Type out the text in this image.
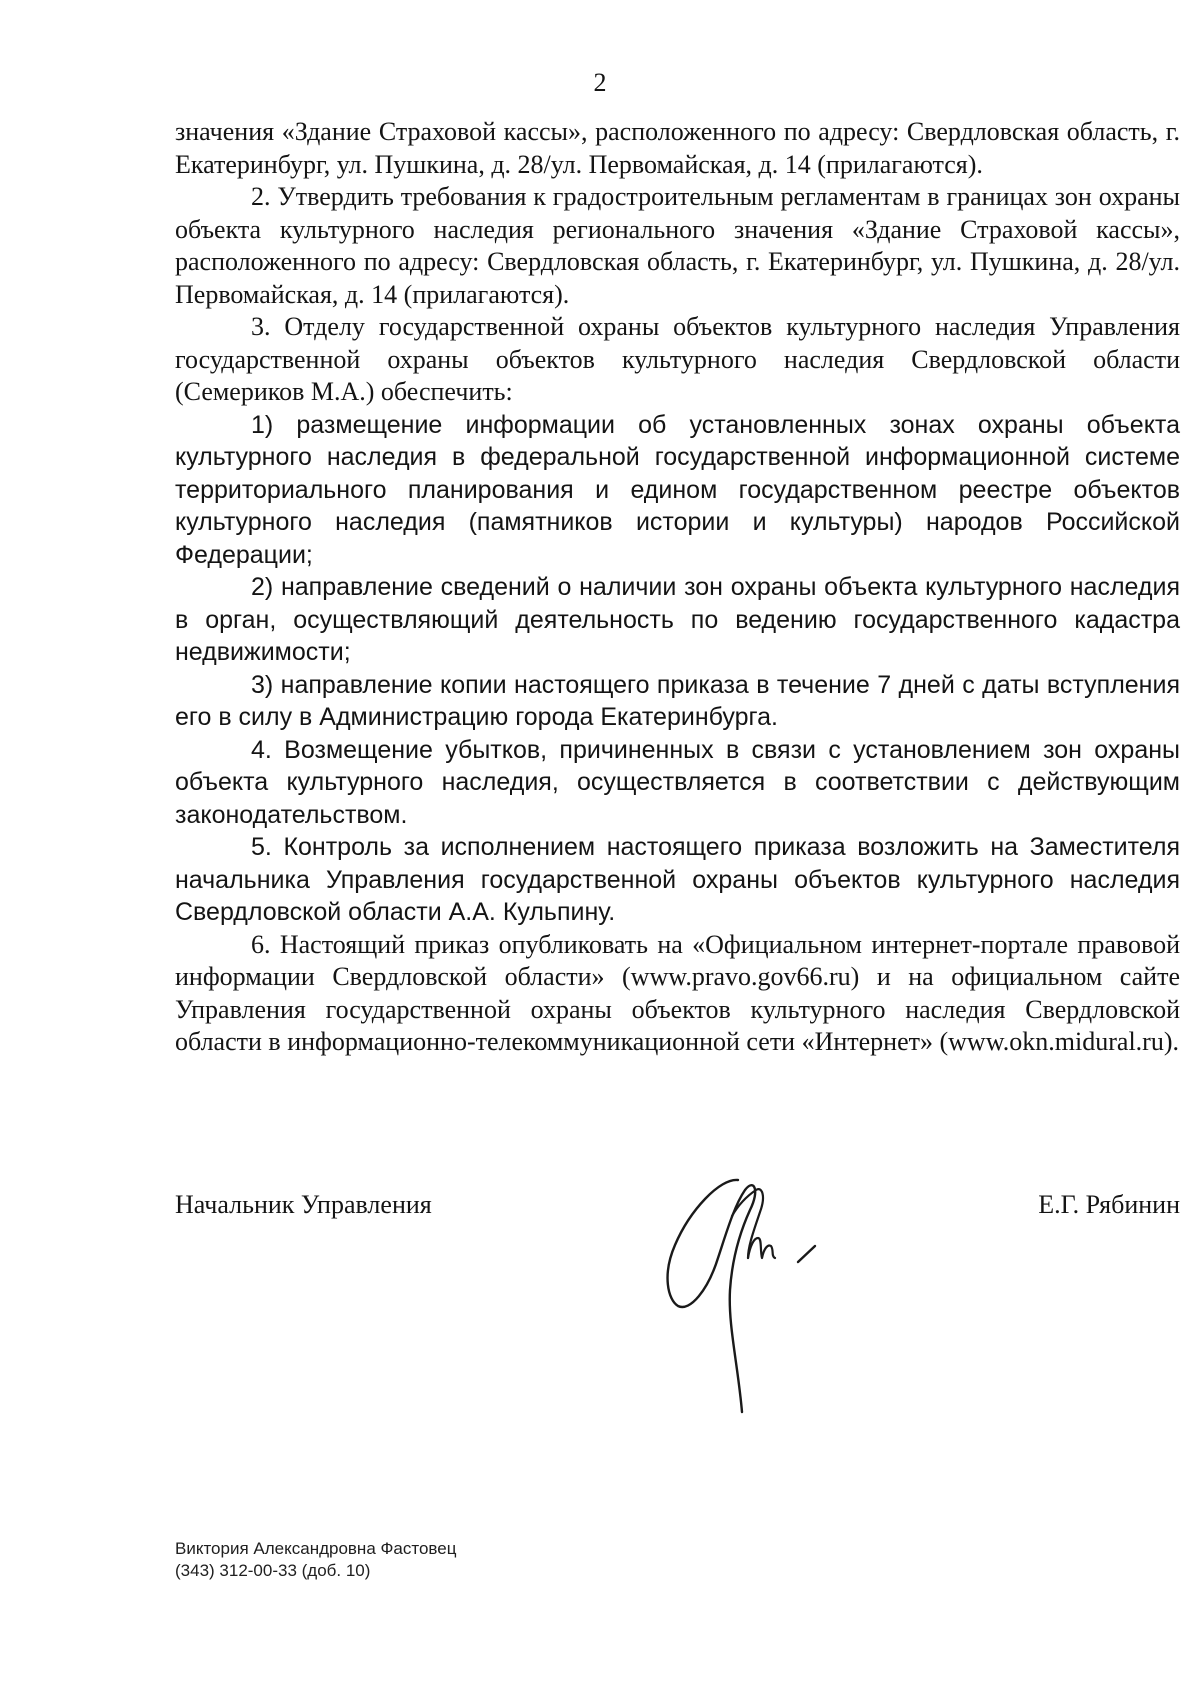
2

значения «Здание Страховой кассы», расположенного по адресу: Свердловская область, г. Екатеринбург, ул. Пушкина, д. 28/ул. Первомайская, д. 14 (прилагаются).

2. Утвердить требования к градостроительным регламентам в границах зон охраны объекта культурного наследия регионального значения «Здание Страховой кассы», расположенного по адресу: Свердловская область, г. Екатеринбург, ул. Пушкина, д. 28/ул. Первомайская, д. 14 (прилагаются).

3. Отделу государственной охраны объектов культурного наследия Управления государственной охраны объектов культурного наследия Свердловской области (Семериков М.А.) обеспечить:

1) размещение информации об установленных зонах охраны объекта культурного наследия в федеральной государственной информационной системе территориального планирования и едином государственном реестре объектов культурного наследия (памятников истории и культуры) народов Российской Федерации;

2) направление сведений о наличии зон охраны объекта культурного наследия в орган, осуществляющий деятельность по ведению государственного кадастра недвижимости;

3) направление копии настоящего приказа в течение 7 дней с даты вступления его в силу в Администрацию города Екатеринбурга.

4. Возмещение убытков, причиненных в связи с установлением зон охраны объекта культурного наследия, осуществляется в соответствии с действующим законодательством.

5. Контроль за исполнением настоящего приказа возложить на Заместителя начальника Управления государственной охраны объектов культурного наследия Свердловской области А.А. Кульпину.

6. Настоящий приказ опубликовать на «Официальном интернет-портале правовой информации Свердловской области» (www.pravo.gov66.ru) и на официальном сайте Управления государственной охраны объектов культурного наследия Свердловской области в информационно-телекоммуникационной сети «Интернет» (www.okn.midural.ru).

Начальник Управления	Е.Г. Рябинин
Виктория Александровна Фастовец
(343) 312-00-33 (доб. 10)
